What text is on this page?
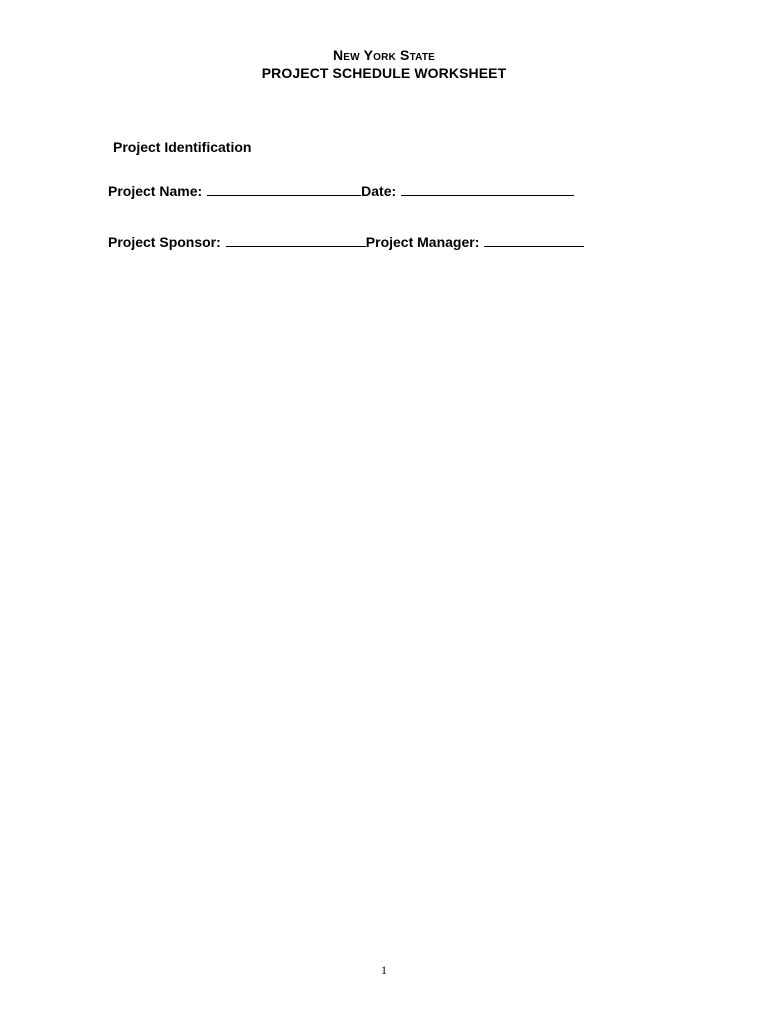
New York State
PROJECT SCHEDULE WORKSHEET
Project Identification
Project Name:	Date:
Project Sponsor:	Project Manager:
1
